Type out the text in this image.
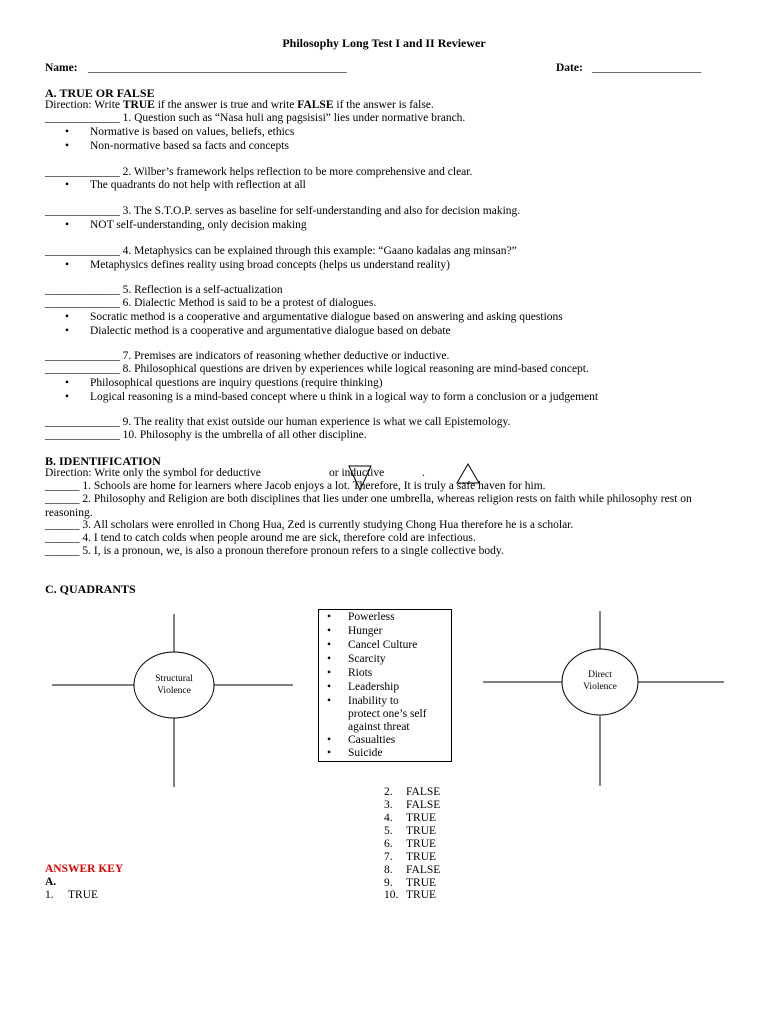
Philosophy Long Test I and II Reviewer
Name: _____________________________________________	Date: ___________________
A. TRUE OR FALSE
Direction: Write TRUE if the answer is true and write FALSE if the answer is false.
_____________ 1. Question such as “Nasa huli ang pagsisisi” lies under normative branch.
Normative is based on values, beliefs, ethics
Non-normative based sa facts and concepts
_____________ 2. Wilber’s framework helps reflection to be more comprehensive and clear.
The quadrants do not help with reflection at all
_____________ 3. The S.T.O.P. serves as baseline for self-understanding and also for decision making.
NOT self-understanding, only decision making
_____________ 4. Metaphysics can be explained through this example: “Gaano kadalas ang minsan?”
Metaphysics defines reality using broad concepts (helps us understand reality)
_____________ 5. Reflection is a self-actualization
_____________ 6. Dialectic Method is said to be a protest of dialogues.
Socratic method is a cooperative and argumentative dialogue based on answering and asking questions
Dialectic method is a cooperative and argumentative dialogue based on debate
_____________ 7. Premises are indicators of reasoning whether deductive or inductive.
_____________ 8. Philosophical questions are driven by experiences while logical reasoning are mind-based concept.
Philosophical questions are inquiry questions (require thinking)
Logical reasoning is a mind-based concept where u think in a logical way to form a conclusion or a judgement
_____________ 9. The reality that exist outside our human experience is what we call Epistemology.
_____________ 10. Philosophy is the umbrella of all other discipline.
B. IDENTIFICATION
Direction: Write only the symbol for deductive	or inductive	.
______ 1. Schools are home for learners where Jacob enjoys a lot. Therefore, It is truly a safe haven for him.
______ 2. Philosophy and Religion are both disciplines that lies under one umbrella, whereas religion rests on faith while philosophy rest on reasoning.
______ 3. All scholars were enrolled in Chong Hua, Zed is currently studying Chong Hua therefore he is a scholar.
______ 4. I tend to catch colds when people around me are sick, therefore cold are infectious.
______ 5. I, is a pronoun, we, is also a pronoun therefore pronoun refers to a single collective body.
Structural
Violence
Direct
Violence
C. QUADRANTS
Powerless
Hunger
Cancel Culture
Scarcity
Riots
Leadership
Inability to
protect one’s self
against threat
Casualties
Suicide
ANSWER KEY
A.
1. TRUE
2. FALSE
3. FALSE
4. TRUE
5. TRUE
6. TRUE
7. TRUE
8. FALSE
9. TRUE
10. TRUE
